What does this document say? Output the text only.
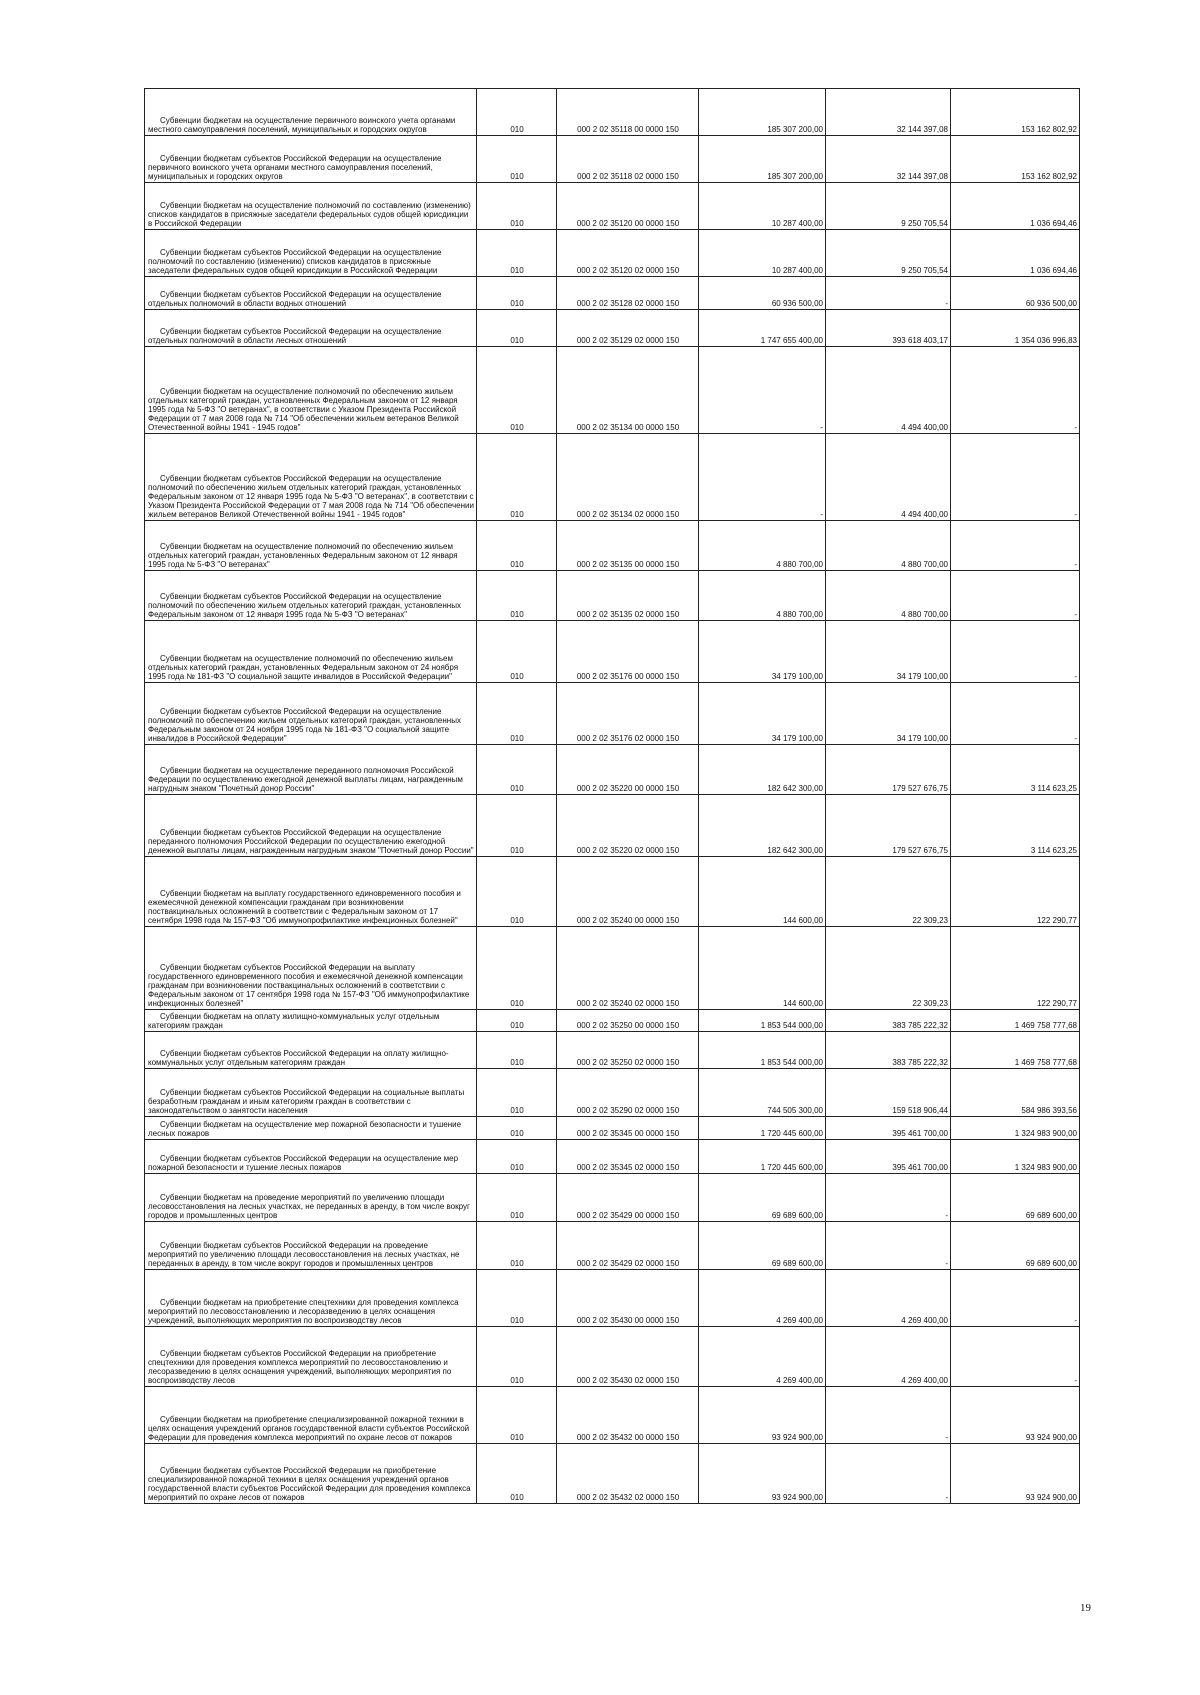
Субвенции бюджетам на осуществление первичного воинского учета органами местного самоуправления поселений, муниципальных и городских округов	010	000 2 02 35118 00 0000 150	185 307 200,00	32 144 397,08	153 162 802,92

Субвенции бюджетам субъектов Российской Федерации на осуществление первичного воинского учета органами местного самоуправления поселений, муниципальных и городских округов	010	000 2 02 35118 02 0000 150	185 307 200,00	32 144 397,08	153 162 802,92

Субвенции бюджетам на осуществление полномочий по составлению (изменению) списков кандидатов в присяжные заседатели федеральных судов общей юрисдикции в Российской Федерации	010	000 2 02 35120 00 0000 150	10 287 400,00	9 250 705,54	1 036 694,46

Субвенции бюджетам субъектов Российской Федерации на осуществление полномочий по составлению (изменению) списков кандидатов в присяжные заседатели федеральных судов общей юрисдикции в Российской Федерации	010	000 2 02 35120 02 0000 150	10 287 400,00	9 250 705,54	1 036 694,46

Субвенции бюджетам субъектов Российской Федерации на осуществление отдельных полномочий в области водных отношений	010	000 2 02 35128 02 0000 150	60 936 500,00	-	60 936 500,00

Субвенции бюджетам субъектов Российской Федерации на осуществление отдельных полномочий в области лесных отношений	010	000 2 02 35129 02 0000 150	1 747 655 400,00	393 618 403,17	1 354 036 996,83

Субвенции бюджетам на осуществление полномочий по обеспечению жильем отдельных категорий граждан, установленных Федеральным законом от 12 января 1995 года № 5-ФЗ "О ветеранах", в соответствии с Указом Президента Российской Федерации от 7 мая 2008 года № 714 "Об обеспечении жильем ветеранов Великой Отечественной войны 1941 - 1945 годов"	010	000 2 02 35134 00 0000 150	-	4 494 400,00	-

Субвенции бюджетам субъектов Российской Федерации на осуществление полномочий по обеспечению жильем отдельных категорий граждан, установленных Федеральным законом от 12 января 1995 года № 5-ФЗ "О ветеранах", в соответствии с Указом Президента Российской Федерации от 7 мая 2008 года № 714 "Об обеспечении жильем ветеранов Великой Отечественной войны 1941 - 1945 годов"	010	000 2 02 35134 02 0000 150	-	4 494 400,00	-

Субвенции бюджетам на осуществление полномочий по обеспечению жильем отдельных категорий граждан, установленных Федеральным законом от 12 января 1995 года № 5-ФЗ "О ветеранах"	010	000 2 02 35135 00 0000 150	4 880 700,00	4 880 700,00	-

Субвенции бюджетам субъектов Российской Федерации на осуществление полномочий по обеспечению жильем отдельных категорий граждан, установленных Федеральным законом от 12 января 1995 года № 5-ФЗ "О ветеранах"	010	000 2 02 35135 02 0000 150	4 880 700,00	4 880 700,00	-

Субвенции бюджетам на осуществление полномочий по обеспечению жильем отдельных категорий граждан, установленных Федеральным законом от 24 ноября 1995 года № 181-ФЗ "О социальной защите инвалидов в Российской Федерации"	010	000 2 02 35176 00 0000 150	34 179 100,00	34 179 100,00	-

Субвенции бюджетам субъектов Российской Федерации на осуществление полномочий по обеспечению жильем отдельных категорий граждан, установленных Федеральным законом от 24 ноября 1995 года № 181-ФЗ "О социальной защите инвалидов в Российской Федерации"	010	000 2 02 35176 02 0000 150	34 179 100,00	34 179 100,00	-

Субвенции бюджетам на осуществление переданного полномочия Российской Федерации по осуществлению ежегодной денежной выплаты лицам, награжденным нагрудным знаком "Почетный донор России"	010	000 2 02 35220 00 0000 150	182 642 300,00	179 527 676,75	3 114 623,25

Субвенции бюджетам субъектов Российской Федерации на осуществление переданного полномочия Российской Федерации по осуществлению ежегодной денежной выплаты лицам, награжденным нагрудным знаком "Почетный донор России"	010	000 2 02 35220 02 0000 150	182 642 300,00	179 527 676,75	3 114 623,25

Субвенции бюджетам на выплату государственного единовременного пособия и ежемесячной денежной компенсации гражданам при возникновении поствакцинальных осложнений в соответствии с Федеральным законом от 17 сентября 1998 года № 157-ФЗ "Об иммунопрофилактике инфекционных болезней"	010	000 2 02 35240 00 0000 150	144 600,00	22 309,23	122 290,77

Субвенции бюджетам субъектов Российской Федерации на выплату государственного единовременного пособия и ежемесячной денежной компенсации гражданам при возникновении поствакцинальных осложнений в соответствии с Федеральным законом от 17 сентября 1998 года № 157-ФЗ "Об иммунопрофилактике инфекционных болезней"	010	000 2 02 35240 02 0000 150	144 600,00	22 309,23	122 290,77

Субвенции бюджетам на оплату жилищно-коммунальных услуг отдельным категориям граждан	010	000 2 02 35250 00 0000 150	1 853 544 000,00	383 785 222,32	1 469 758 777,68

Субвенции бюджетам субъектов Российской Федерации на оплату жилищно-коммунальных услуг отдельным категориям граждан	010	000 2 02 35250 02 0000 150	1 853 544 000,00	383 785 222,32	1 469 758 777,68

Субвенции бюджетам субъектов Российской Федерации на социальные выплаты безработным гражданам и иным категориям граждан в соответствии с законодательством о занятости населения	010	000 2 02 35290 02 0000 150	744 505 300,00	159 518 906,44	584 986 393,56

Субвенции бюджетам на осуществление мер пожарной безопасности и тушение лесных пожаров	010	000 2 02 35345 00 0000 150	1 720 445 600,00	395 461 700,00	1 324 983 900,00

Субвенции бюджетам субъектов Российской Федерации на осуществление мер пожарной безопасности и тушение лесных пожаров	010	000 2 02 35345 02 0000 150	1 720 445 600,00	395 461 700,00	1 324 983 900,00

Субвенции бюджетам на проведение мероприятий по увеличению площади лесовосстановления на лесных участках, не переданных в аренду, в том числе вокруг городов и промышленных центров	010	000 2 02 35429 00 0000 150	69 689 600,00	-	69 689 600,00

Субвенции бюджетам субъектов Российской Федерации на проведение мероприятий по увеличению площади лесовосстановления на лесных участках, не переданных в аренду, в том числе вокруг городов и промышленных центров	010	000 2 02 35429 02 0000 150	69 689 600,00	-	69 689 600,00

Субвенции бюджетам на приобретение спецтехники для проведения комплекса мероприятий по лесовосстановлению и лесоразведению в целях оснащения учреждений, выполняющих мероприятия по воспроизводству лесов	010	000 2 02 35430 00 0000 150	4 269 400,00	4 269 400,00	-

Субвенции бюджетам субъектов Российской Федерации на приобретение спецтехники для проведения комплекса мероприятий по лесовосстановлению и лесоразведению в целях оснащения учреждений, выполняющих мероприятия по воспроизводству лесов	010	000 2 02 35430 02 0000 150	4 269 400,00	4 269 400,00	-

Субвенции бюджетам на приобретение специализированной пожарной техники в целях оснащения учреждений органов государственной власти субъектов Российской Федерации для проведения комплекса мероприятий по охране лесов от пожаров	010	000 2 02 35432 00 0000 150	93 924 900,00	-	93 924 900,00

Субвенции бюджетам субъектов Российской Федерации на приобретение специализированной пожарной техники в целях оснащения учреждений органов государственной власти субъектов Российской Федерации для проведения комплекса мероприятий по охране лесов от пожаров	010	000 2 02 35432 02 0000 150	93 924 900,00	-	93 924 900,00
19
